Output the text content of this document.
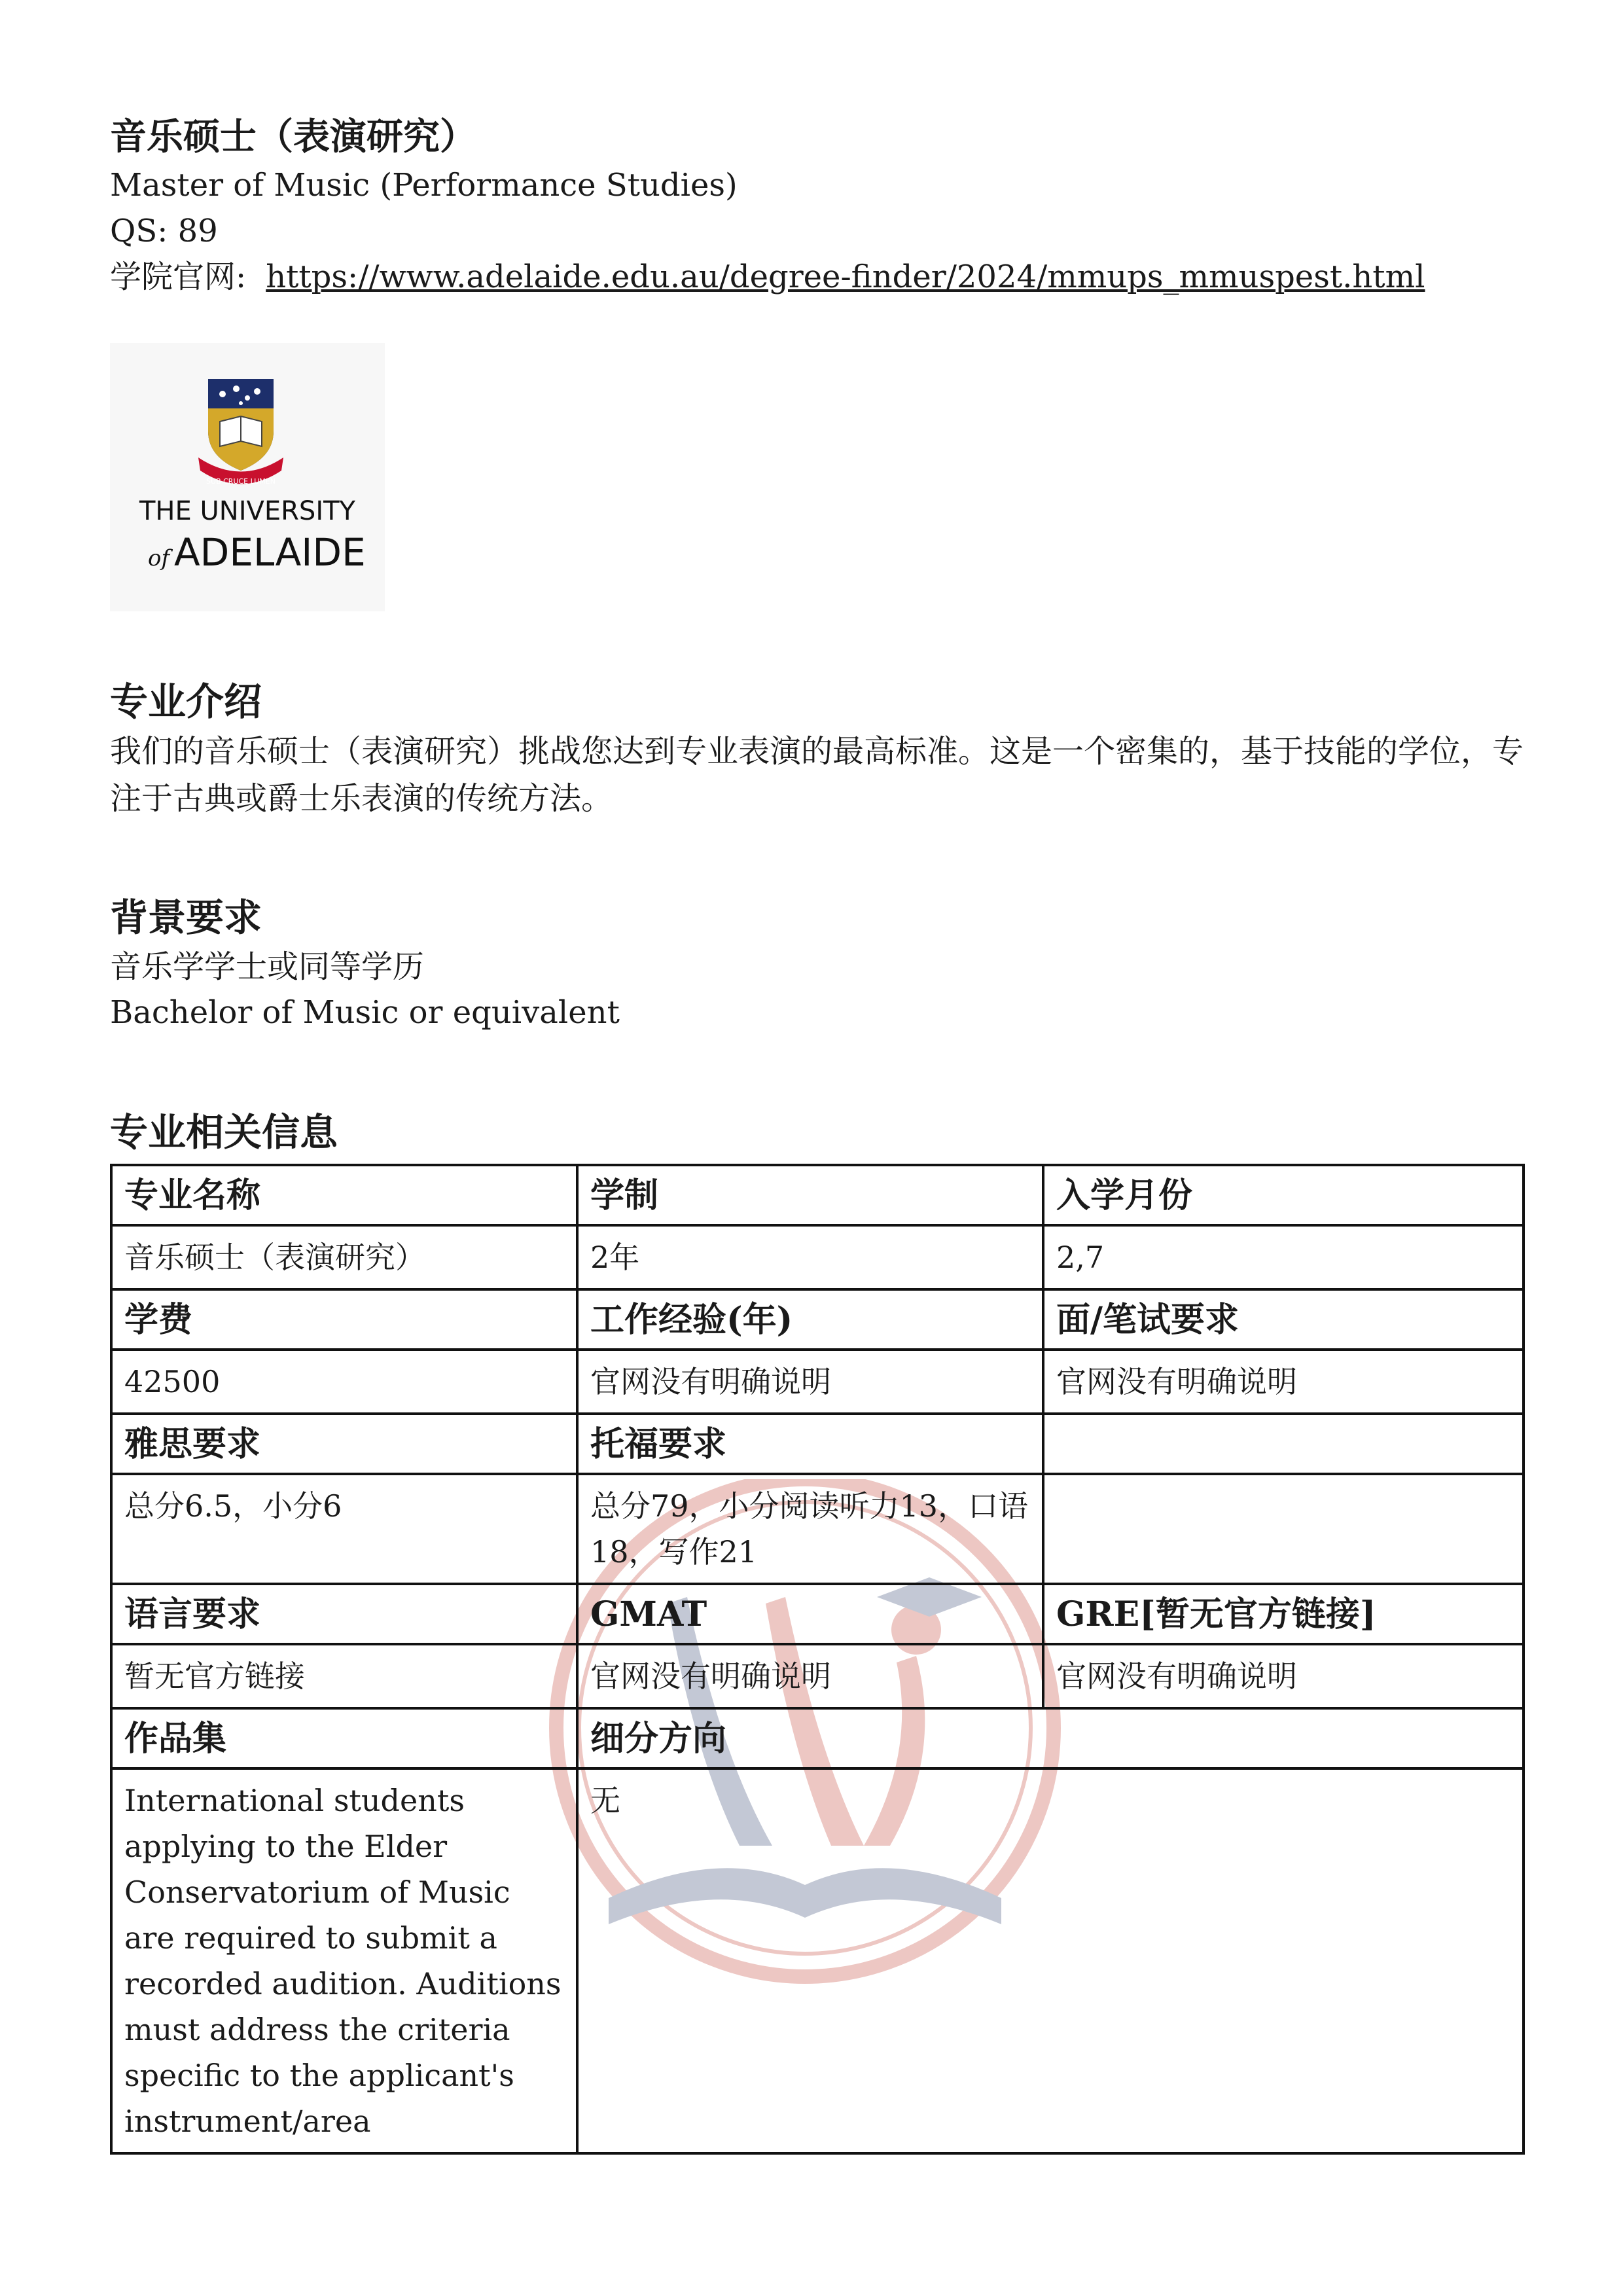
音乐硕士（表演研究）

Master of Music (Performance Studies)

QS: 89

学院官网: https://www.adelaide.edu.au/degree-finder/2024/mmups_mmuspest.html

SUB CRUCE LUMEN
THE UNIVERSITY
of ADELAIDE
专业介绍

我们的音乐硕士（表演研究）挑战您达到专业表演的最高标准。这是一个密集的，基于技能的学位，专注于古典或爵士乐表演的传统方法。

背景要求

音乐学学士或同等学历

Bachelor of Music or equivalent

专业相关信息
专业名称	学制	入学月份
音乐硕士（表演研究）	2年	2,7
学费	工作经验(年)	面/笔试要求
42500	官网没有明确说明	官网没有明确说明
雅思要求	托福要求	
总分6.5，小分6	总分79，小分阅读听力13，口语18，写作21	
语言要求	GMAT	GRE[暂无官方链接]
暂无官方链接	官网没有明确说明	官网没有明确说明
作品集	细分方向	
International students applying to the Elder Conservatorium of Music are required to submit a recorded audition. Auditions must address the criteria specific to the applicant's instrument/area	无	
